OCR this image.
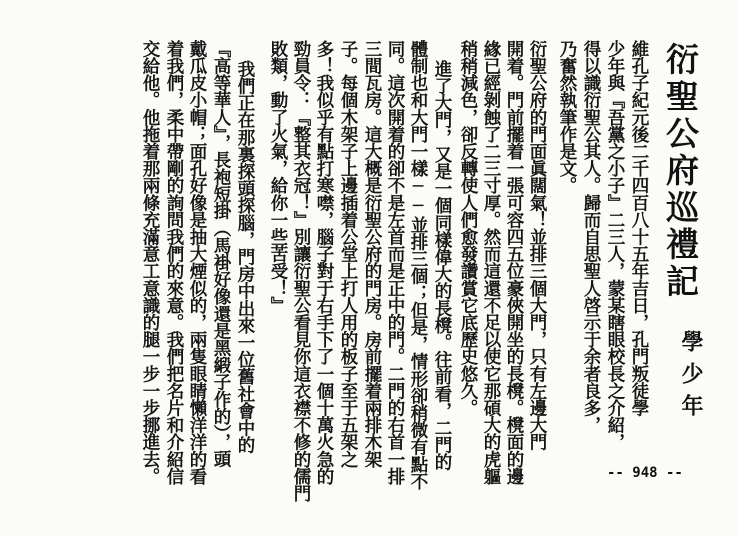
衍聖公府巡禮記
學少年
維孔子紀元後二千四百八十五年吉日，孔門叛徒學
少年與『吾黨之小子』二三人，蒙某瞎眼校長之介紹，
得以識衍聖公其人。歸而自思聖人啓示于余者良多，
乃奮然執筆作是文。
衍聖公府的門面眞闊氣！並排三個大門，只有左邊大門
開着。門前擺着一張可容四五位豪俠開坐的長櫈。櫈面的邊
緣已經剝蝕了二三寸厚。然而這還不足以使它那碩大的虎軀
稍稍減色，卻反轉使人們愈發讚賞它底歷史悠久。
進了大門，又是一個同樣偉大的長櫈。往前看，二門的
體制也和大門一樣──並排三個；但是，情形卻稍微有點不
同。這次開着的卻不是左首而是正中的門。二門的右首一排
三間瓦房。這大概是衍聖公府的門房。房前擺着兩排木架
子。每個木架子上邊插着公堂上打人用的板子至于五架之
多！我似乎有點打寒噤，腦子對于右手下了一個十萬火急的
勁員令：『整其衣冠！』別讓衍聖公看見你這衣襟不修的儒門
敗類，動了火氣，給你一些苦受！』
我們正在那裏探頭探腦，門房中出來一位舊社會中的
『高等華人』，長袍短掛（馬褂好像還是黑緞子作的），頭
戴瓜皮小帽；面孔好像是抽大煙似的，兩隻眼睛懶洋洋的看
着我們，柔中帶剛的詢問我們的來意。我們把名片和介紹信
交給他。他拖着那兩條充滿意工意識的腿一步一步挪進去。	-- 948 --
